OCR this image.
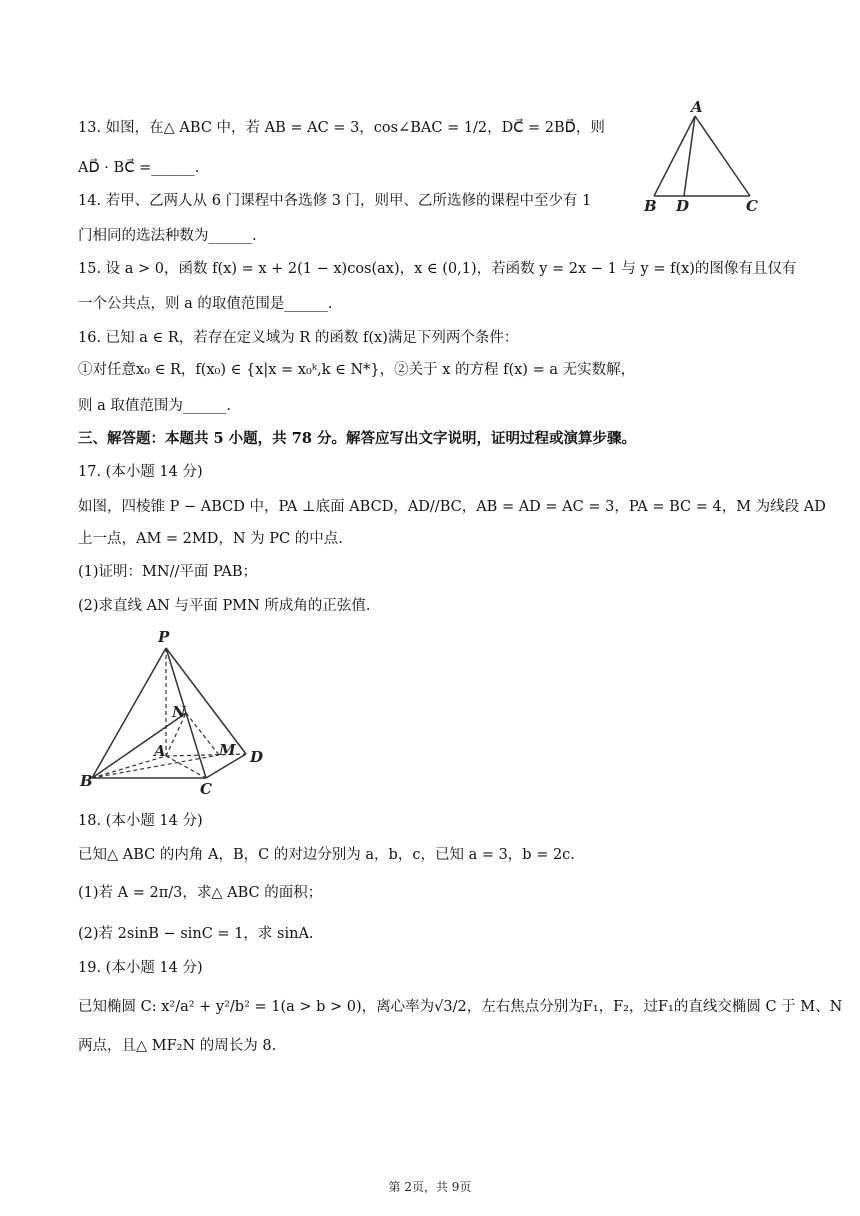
13. 如图，在△ ABC 中，若 AB = AC = 3，cos∠BAC = 1/2，DC⃗ = 2BD⃗，则
AD⃗ · BC⃗ =______.
A
B D	C
14. 若甲、乙两人从 6 门课程中各选修 3 门，则甲、乙所选修的课程中至少有 1
门相同的选法种数为______.
15. 设 a > 0，函数 f(x) = x + 2(1 − x)cos(ax)，x ∈ (0,1)，若函数 y = 2x − 1 与 y = f(x)的图像有且仅有
一个公共点，则 a 的取值范围是______.
16. 已知 a ∈ R，若存在定义域为 R 的函数 f(x)满足下列两个条件：
①对任意x₀ ∈ R，f(x₀) ∈ {x|x = x₀ᵏ,k ∈ N*}，②关于 x 的方程 f(x) = a 无实数解，
则 a 取值范围为______.
三、解答题：本题共 5 小题，共 78 分。解答应写出文字说明，证明过程或演算步骤。
17. (本小题 14 分)
如图，四棱锥 P − ABCD 中，PA ⊥底面 ABCD，AD//BC，AB = AD = AC = 3，PA = BC = 4，M 为线段 AD
上一点，AM = 2MD，N 为 PC 的中点.
(1)证明：MN//平面 PAB；
(2)求直线 AN 与平面 PMN 所成角的正弦值.
P
N
A	M D
B	C
18. (本小题 14 分)
已知△ ABC 的内角 A，B，C 的对边分别为 a，b，c，已知 a = 3，b = 2c.
(1)若 A = 2π/3，求△ ABC 的面积；
(2)若 2sinB − sinC = 1，求 sinA.
19. (本小题 14 分)
已知椭圆 C: x²/a² + y²/b² = 1(a > b > 0)，离心率为√3/2，左右焦点分别为F₁，F₂，过F₁的直线交椭圆 C 于 M、N
两点，且△ MF₂N 的周长为 8.
第 2页，共 9页
